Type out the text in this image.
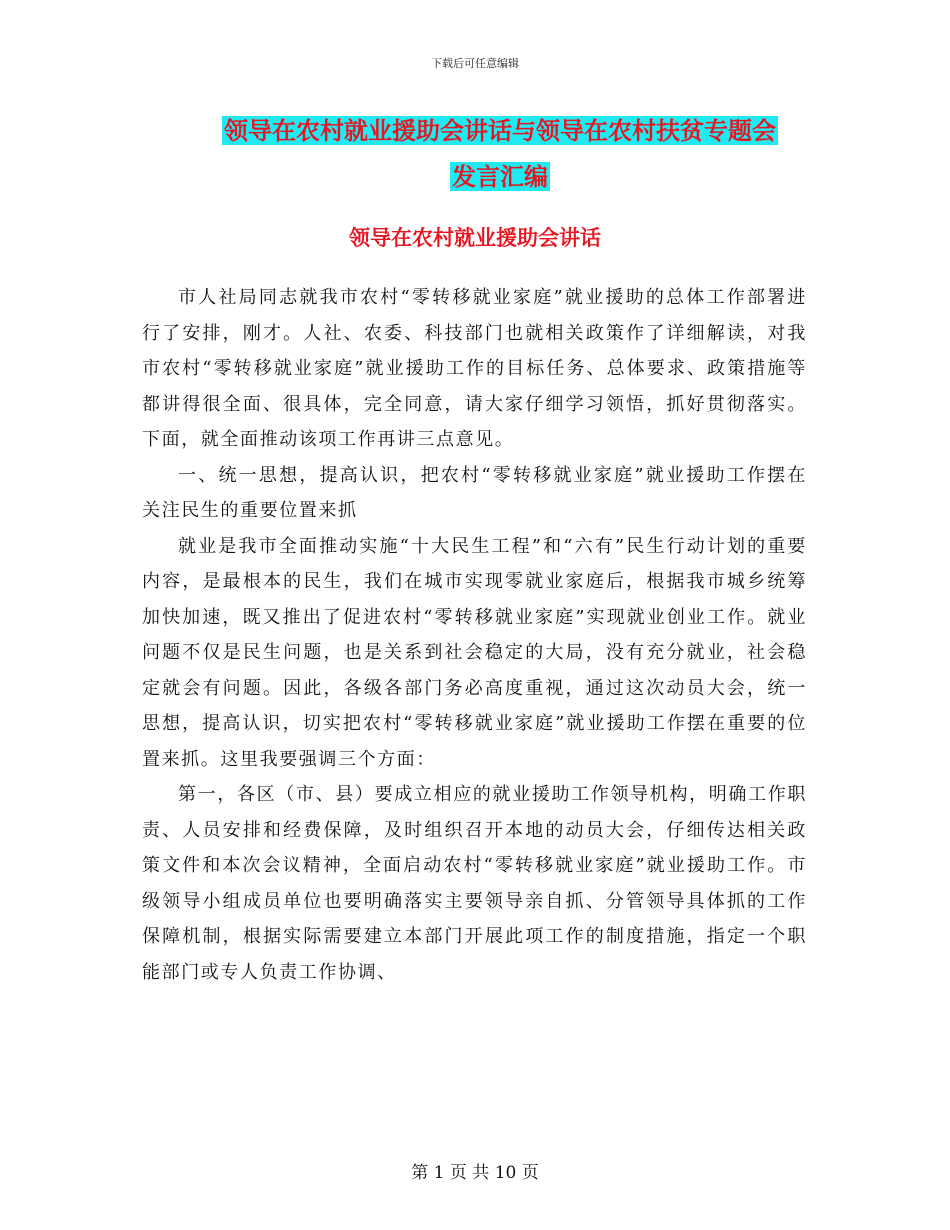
下载后可任意编辑
领导在农村就业援助会讲话与领导在农村扶贫专题会
发言汇编
领导在农村就业援助会讲话

市人社局同志就我市农村“零转移就业家庭”就业援助的总体工作部署进行了安排，刚才。人社、农委、科技部门也就相关政策作了详细解读，对我市农村“零转移就业家庭”就业援助工作的目标任务、总体要求、政策措施等都讲得很全面、很具体，完全同意，请大家仔细学习领悟，抓好贯彻落实。下面，就全面推动该项工作再讲三点意见。

一、统一思想，提高认识，把农村“零转移就业家庭”就业援助工作摆在关注民生的重要位置来抓

就业是我市全面推动实施“十大民生工程”和“六有”民生行动计划的重要内容，是最根本的民生，我们在城市实现零就业家庭后，根据我市城乡统筹加快加速，既又推出了促进农村“零转移就业家庭”实现就业创业工作。就业问题不仅是民生问题，也是关系到社会稳定的大局，没有充分就业，社会稳定就会有问题。因此，各级各部门务必高度重视，通过这次动员大会，统一思想，提高认识，切实把农村“零转移就业家庭”就业援助工作摆在重要的位置来抓。这里我要强调三个方面：

第一，各区（市、县）要成立相应的就业援助工作领导机构，明确工作职责、人员安排和经费保障，及时组织召开本地的动员大会，仔细传达相关政策文件和本次会议精神，全面启动农村“零转移就业家庭”就业援助工作。市级领导小组成员单位也要明确落实主要领导亲自抓、分管领导具体抓的工作保障机制，根据实际需要建立本部门开展此项工作的制度措施，指定一个职能部门或专人负责工作协调、

第 1 页 共 10 页
